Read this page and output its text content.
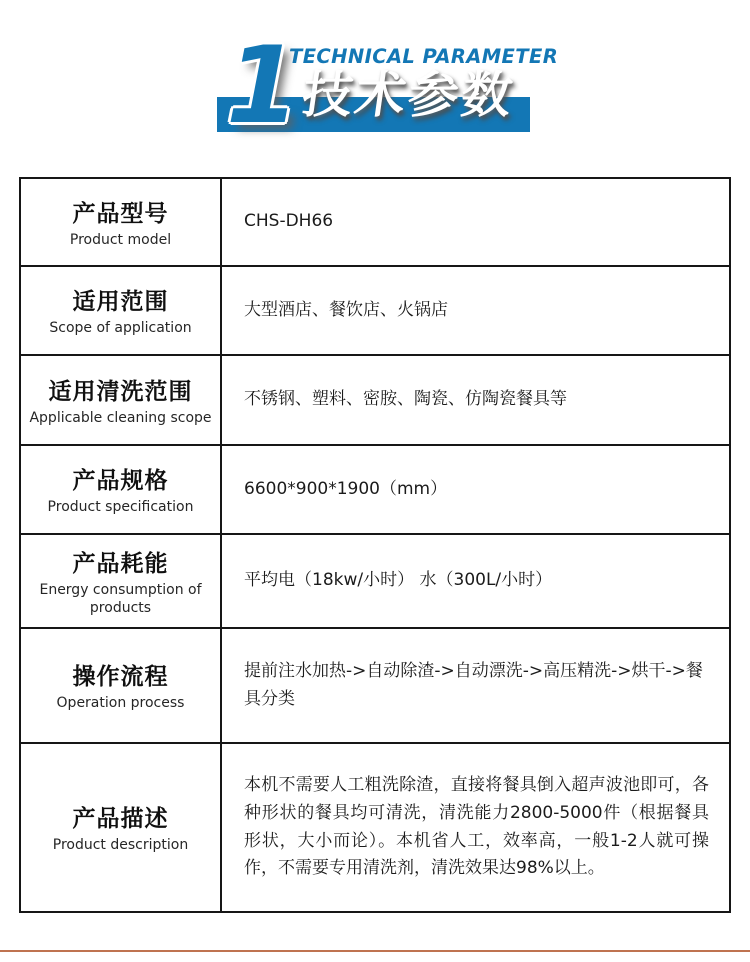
1
TECHNICAL PARAMETER
技术参数
产品型号
Product model	CHS-DH66

适用范围
Scope of application	大型酒店、餐饮店、火锅店

适用清洗范围
Applicable cleaning scope	不锈钢、塑料、密胺、陶瓷、仿陶瓷餐具等

产品规格
Product specification	6600*900*1900（mm）

产品耗能
Energy consumption of products	平均电（18kw/小时） 水（300L/小时）

操作流程
Operation process	提前注水加热->自动除渣->自动漂洗->高压精洗->烘干->餐具分类

产品描述
Product description	本机不需要人工粗洗除渣，直接将餐具倒入超声波池即可，各种形状的餐具均可清洗，清洗能力2800-5000件（根据餐具形状，大小而论）。本机省人工，效率高，一般1-2人就可操作，不需要专用清洗剂，清洗效果达98%以上。
